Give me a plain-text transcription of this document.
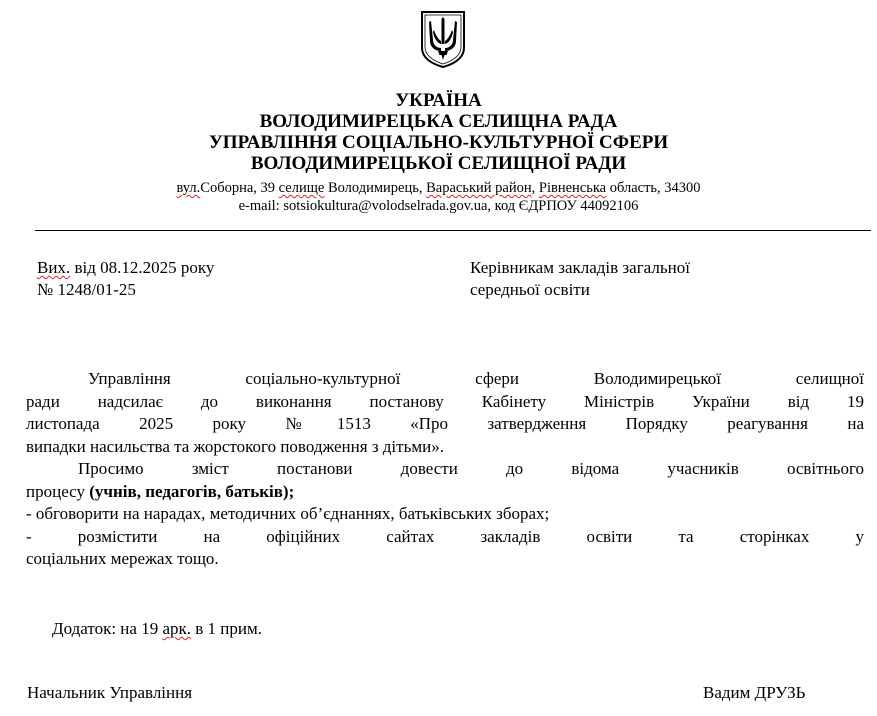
УКРАЇНА
ВОЛОДИМИРЕЦЬКА СЕЛИЩНА РАДА
УПРАВЛІННЯ СОЦІАЛЬНО-КУЛЬТУРНОЇ СФЕРИ
ВОЛОДИМИРЕЦЬКОЇ СЕЛИЩНОЇ РАДИ
вул.Соборна, 39 селище Володимирець, Вараський район, Рівненська область, 34300
e-mail: sotsiokultura@volodselrada.gov.ua, код ЄДРПОУ 44092106
Вих. від 08.12.2025 року
№ 1248/01-25
Керівникам закладів загальної
середньої освіти
Управління соціально-культурної сфери Володимирецької селищної
ради надсилає до виконання постанову Кабінету Міністрів України від 19
листопада 2025 року №1513 «Про затвердження Порядку реагування на
випадки насильства та жорстокого поводження з дітьми».
Просимо зміст постанови довести до відома учасників освітнього
процесу (учнів, педагогів, батьків);
- обговорити на нарадах, методичних об’єднаннях, батьківських зборах;
- розмістити на офіційних сайтах закладів освіти та сторінках у
соціальних мережах тощо.
Додаток: на 19 арк. в 1 прим.
Начальник Управління	Вадим ДРУЗЬ
